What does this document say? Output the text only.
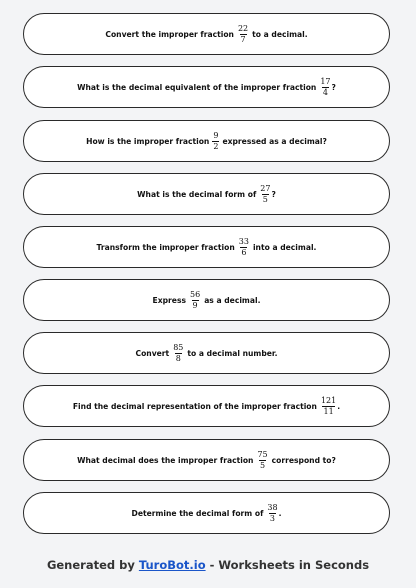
Convert the improper fraction $\frac{22}{7}$ to a decimal.
What is the decimal equivalent of the improper fraction $\frac{17}{4}$ ?
How is the improper fraction $\frac{9}{2}$ expressed as a decimal?
What is the decimal form of $\frac{27}{5}$ ?
Transform the improper fraction $\frac{33}{6}$ into a decimal.
Express $\frac{56}{9}$ as a decimal.
Convert $\frac{85}{8}$ to a decimal number.
Find the decimal representation of the improper fraction $\frac{121}{11}$ .
What decimal does the improper fraction $\frac{75}{5}$ correspond to?
Determine the decimal form of $\frac{38}{3}$ .
Generated by TuroBot.io - Worksheets in Seconds
